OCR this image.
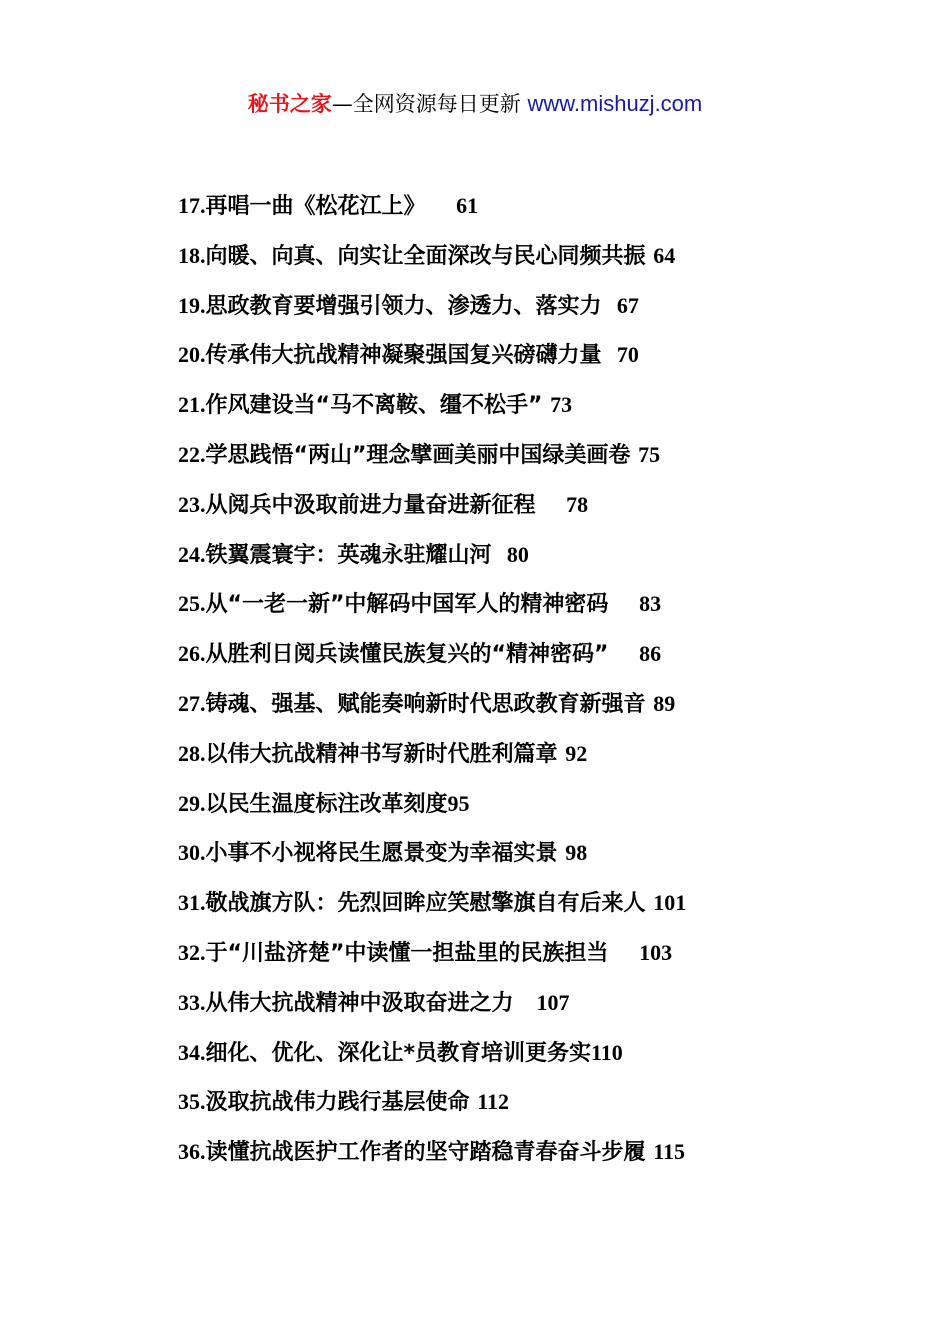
秘书之家—全网资源每日更新 www.mishuzj.com
17.再唱一曲《松花江上》 61
18.向暖、向真、向实让全面深改与民心同频共振 64
19.思政教育要增强引领力、渗透力、落实力 67
20.传承伟大抗战精神凝聚强国复兴磅礴力量 70
21.作风建设当“马不离鞍、缰不松手” 73
22.学思践悟“两山”理念擘画美丽中国绿美画卷 75
23.从阅兵中汲取前进力量奋进新征程 78
24.铁翼震寰宇：英魂永驻耀山河 80
25.从“一老一新”中解码中国军人的精神密码 83
26.从胜利日阅兵读懂民族复兴的“精神密码” 86
27.铸魂、强基、赋能奏响新时代思政教育新强音 89
28.以伟大抗战精神书写新时代胜利篇章 92
29.以民生温度标注改革刻度95
30.小事不小视将民生愿景变为幸福实景 98
31.敬战旗方队：先烈回眸应笑慰擎旗自有后来人 101
32.于“川盐济楚”中读懂一担盐里的民族担当 103
33.从伟大抗战精神中汲取奋进之力 107
34.细化、优化、深化让*员教育培训更务实110
35.汲取抗战伟力践行基层使命 112
36.读懂抗战医护工作者的坚守踏稳青春奋斗步履 115
